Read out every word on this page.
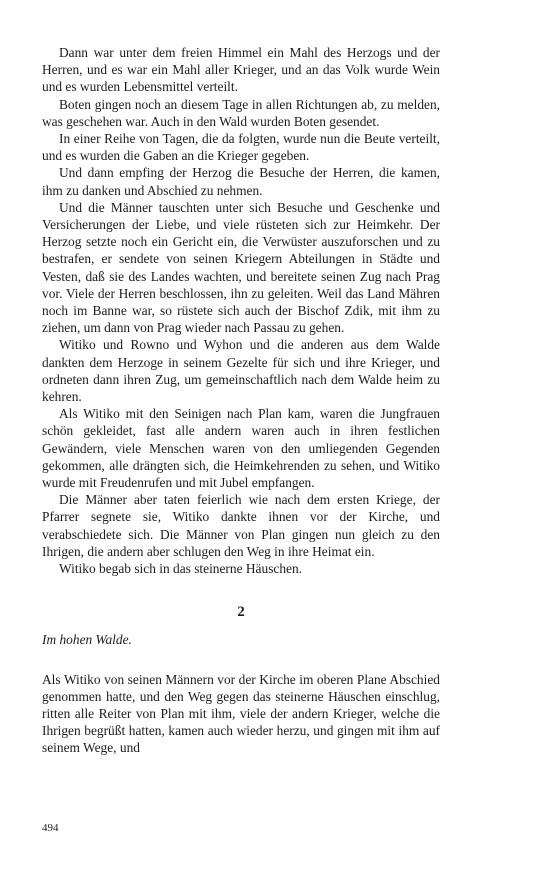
Dann war unter dem freien Himmel ein Mahl des Herzogs und der Herren, und es war ein Mahl aller Krieger, und an das Volk wurde Wein und es wurden Lebensmittel verteilt.

Boten gingen noch an diesem Tage in allen Richtungen ab, zu melden, was geschehen war. Auch in den Wald wurden Boten gesendet.

In einer Reihe von Tagen, die da folgten, wurde nun die Beute verteilt, und es wurden die Gaben an die Krieger gegeben.

Und dann empfing der Herzog die Besuche der Herren, die kamen, ihm zu danken und Abschied zu nehmen.

Und die Männer tauschten unter sich Besuche und Geschenke und Versicherungen der Liebe, und viele rüsteten sich zur Heimkehr. Der Herzog setzte noch ein Gericht ein, die Verwüster auszuforschen und zu bestrafen, er sendete von seinen Kriegern Abteilungen in Städte und Vesten, daß sie des Landes wachten, und bereitete seinen Zug nach Prag vor. Viele der Herren beschlossen, ihn zu geleiten. Weil das Land Mähren noch im Banne war, so rüstete sich auch der Bischof Zdik, mit ihm zu ziehen, um dann von Prag wieder nach Passau zu gehen.

Witiko und Rowno und Wyhon und die anderen aus dem Walde dankten dem Herzoge in seinem Gezelte für sich und ihre Krieger, und ordneten dann ihren Zug, um gemeinschaftlich nach dem Walde heim zu kehren.

Als Witiko mit den Seinigen nach Plan kam, waren die Jungfrauen schön gekleidet, fast alle andern waren auch in ihren festlichen Gewändern, viele Menschen waren von den umliegenden Gegenden gekommen, alle drängten sich, die Heimkehrenden zu sehen, und Witiko wurde mit Freudenrufen und mit Jubel empfangen.

Die Männer aber taten feierlich wie nach dem ersten Kriege, der Pfarrer segnete sie, Witiko dankte ihnen vor der Kirche, und verabschiedete sich. Die Männer von Plan gingen nun gleich zu den Ihrigen, die andern aber schlugen den Weg in ihre Heimat ein.

Witiko begab sich in das steinerne Häuschen.

2
Im hohen Walde.

Als Witiko von seinen Männern vor der Kirche im oberen Plane Abschied genommen hatte, und den Weg gegen das steinerne Häuschen einschlug, ritten alle Reiter von Plan mit ihm, viele der andern Krieger, welche die Ihrigen begrüßt hatten, kamen auch wieder herzu, und gingen mit ihm auf seinem Wege, und

494
